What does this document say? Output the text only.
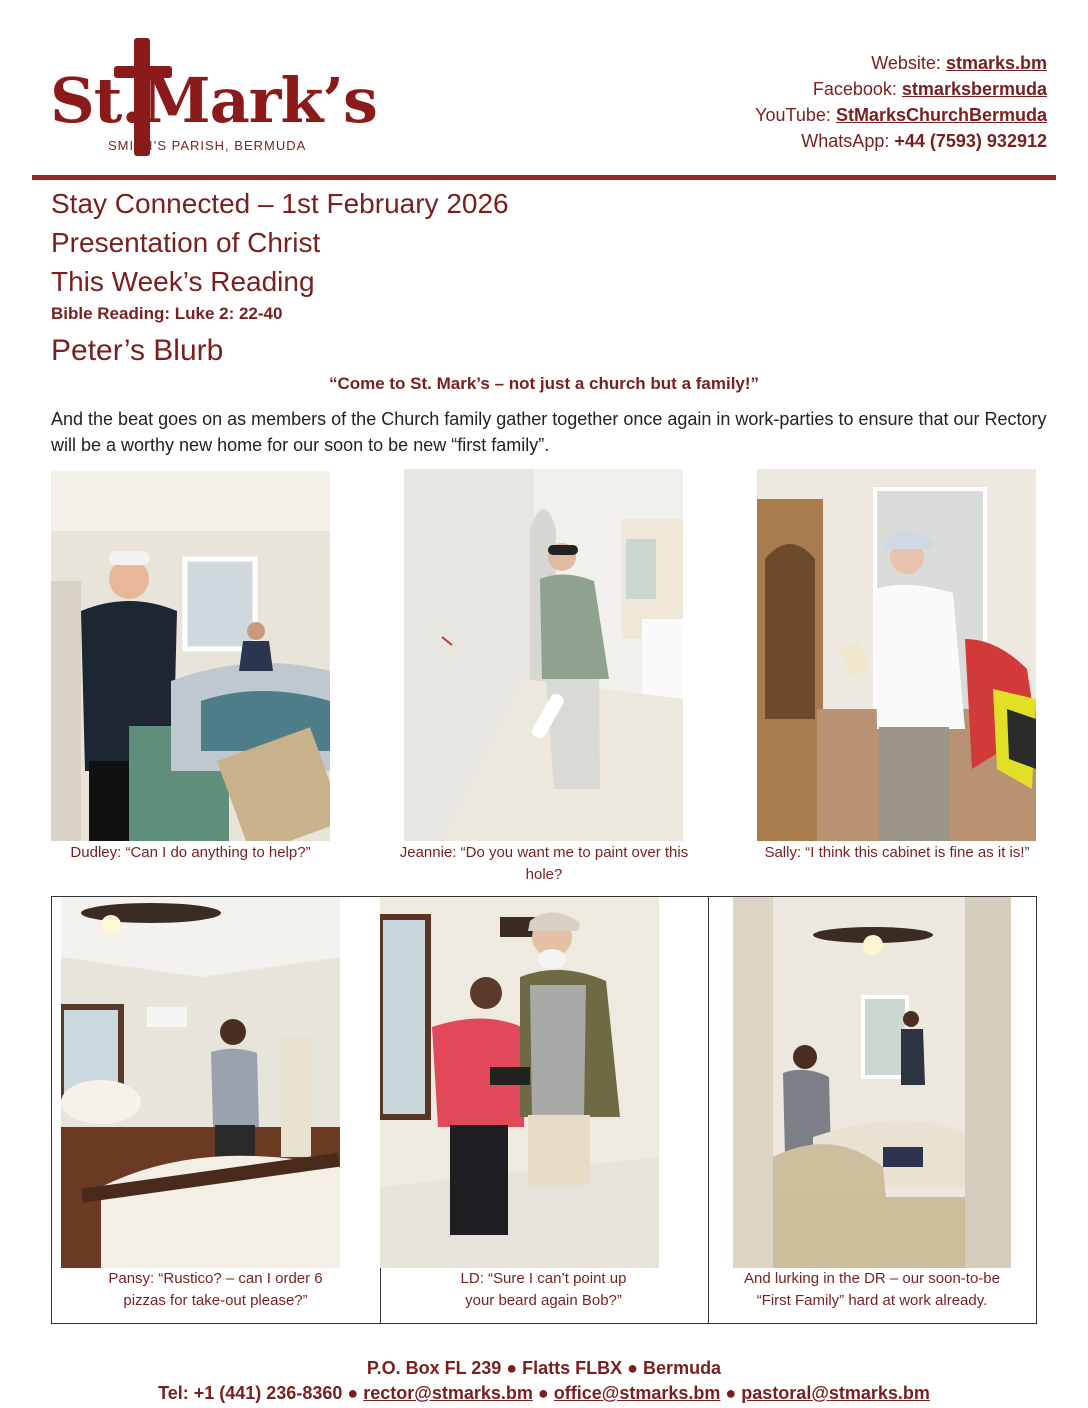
St.Mark’s
SMITH’S PARISH, BERMUDA
Website: stmarks.bm
Facebook: stmarksbermuda
YouTube: StMarksChurchBermuda
WhatsApp: +44 (7593) 932912
Stay Connected – 1st February 2026
Presentation of Christ
This Week’s Reading
Bible Reading: Luke 2: 22-40
Peter’s Blurb
“Come to St. Mark’s – not just a church but a family!”
And the beat goes on as members of the Church family gather together once again in work-parties to ensure that our Rectory will be a worthy new home for our soon to be new “first family”.
Dudley: “Can I do anything to help?”	Jeannie: “Do you want me to paint over this hole?
Sally: “I think this cabinet is fine as it is!”
Pansy: “Rustico? – can I order 6
pizzas for take-out please?”
LD: “Sure I can’t point up
your beard again Bob?”
And lurking in the DR – our soon-to-be
“First Family” hard at work already.
P.O. Box FL 239 ● Flatts FLBX ● Bermuda
Tel: +1 (441) 236-8360 ● rector@stmarks.bm ● office@stmarks.bm ● pastoral@stmarks.bm
